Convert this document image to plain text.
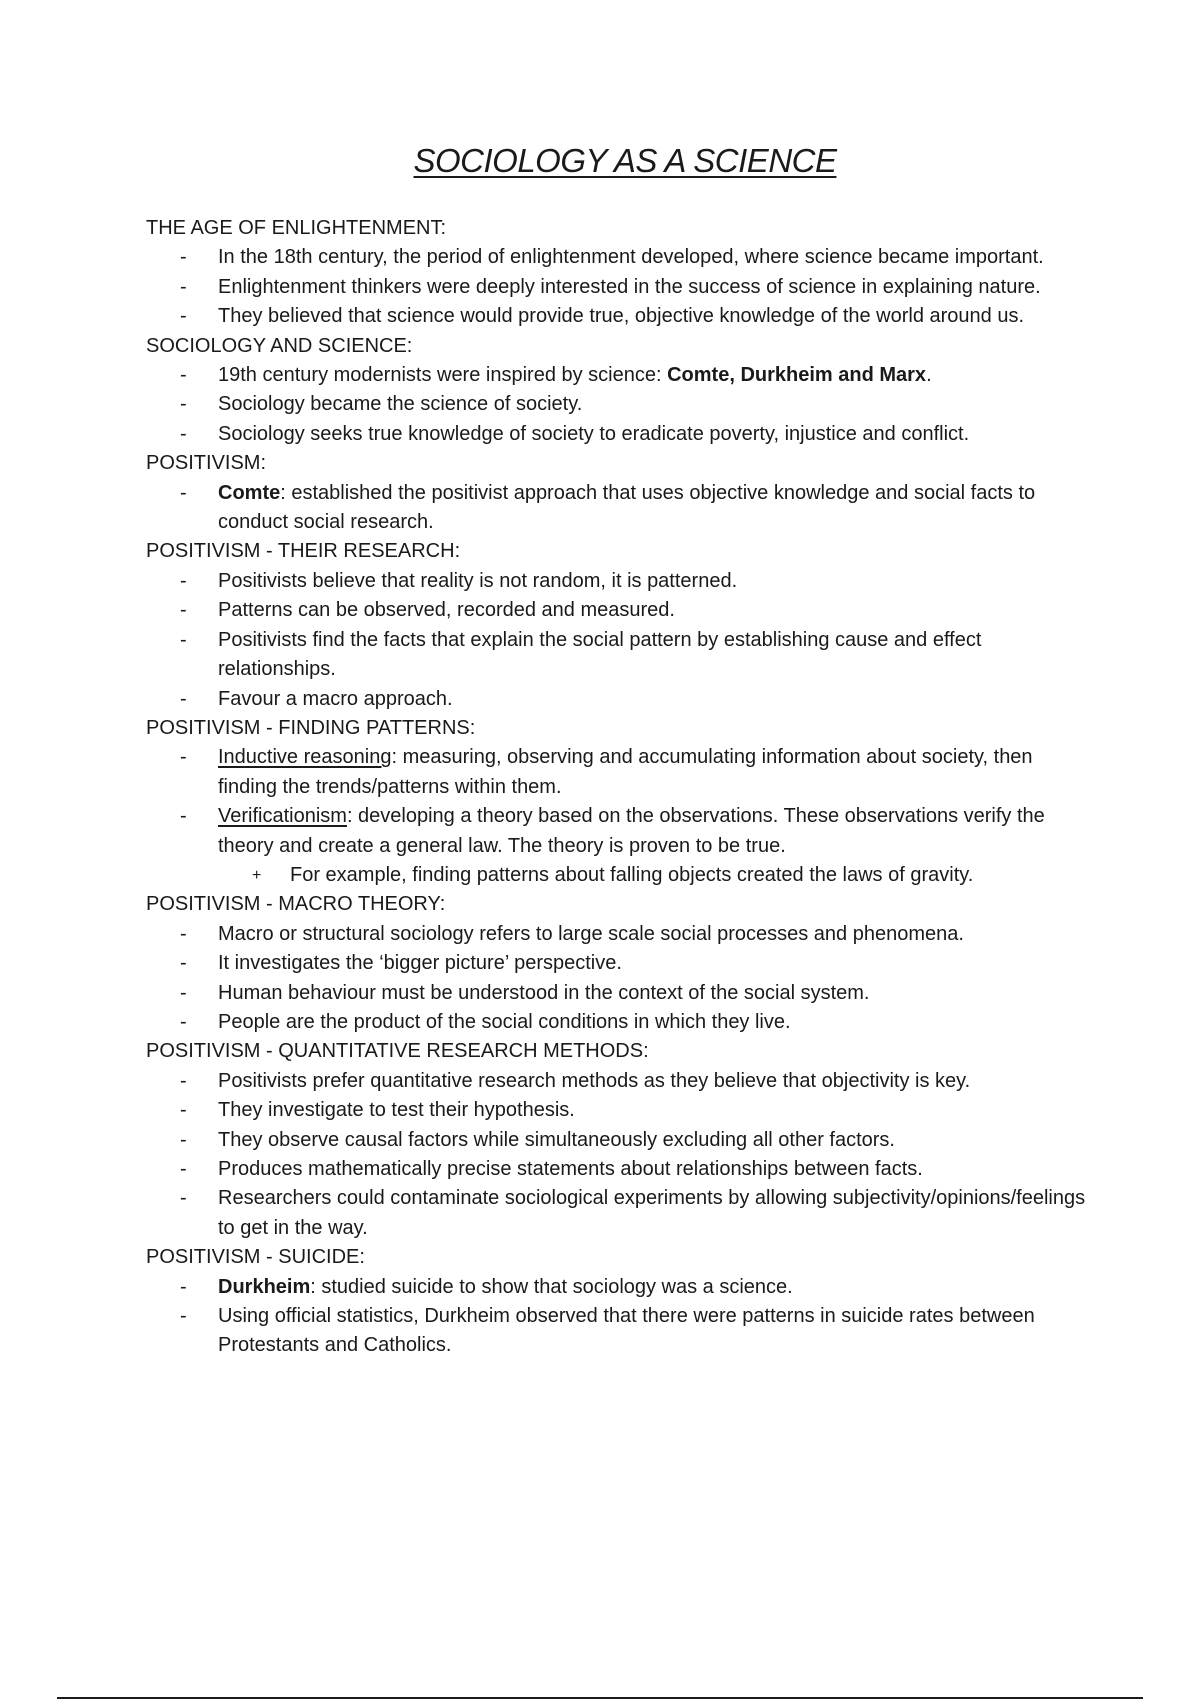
SOCIOLOGY AS A SCIENCE
THE AGE OF ENLIGHTENMENT:
- In the 18th century, the period of enlightenment developed, where science became important.
- Enlightenment thinkers were deeply interested in the success of science in explaining nature.
- They believed that science would provide true, objective knowledge of the world around us.
SOCIOLOGY AND SCIENCE:
- 19th century modernists were inspired by science: Comte, Durkheim and Marx.
- Sociology became the science of society.
- Sociology seeks true knowledge of society to eradicate poverty, injustice and conflict.
POSITIVISM:
- Comte: established the positivist approach that uses objective knowledge and social facts to conduct social research.
POSITIVISM - THEIR RESEARCH:
- Positivists believe that reality is not random, it is patterned.
- Patterns can be observed, recorded and measured.
- Positivists find the facts that explain the social pattern by establishing cause and effect relationships.
- Favour a macro approach.
POSITIVISM - FINDING PATTERNS:
- Inductive reasoning: measuring, observing and accumulating information about society, then finding the trends/patterns within them.
- Verificationism: developing a theory based on the observations. These observations verify the theory and create a general law. The theory is proven to be true.
+ For example, finding patterns about falling objects created the laws of gravity.
POSITIVISM - MACRO THEORY:
- Macro or structural sociology refers to large scale social processes and phenomena.
- It investigates the ‘bigger picture’ perspective.
- Human behaviour must be understood in the context of the social system.
- People are the product of the social conditions in which they live.
POSITIVISM - QUANTITATIVE RESEARCH METHODS:
- Positivists prefer quantitative research methods as they believe that objectivity is key.
- They investigate to test their hypothesis.
- They observe causal factors while simultaneously excluding all other factors.
- Produces mathematically precise statements about relationships between facts.
- Researchers could contaminate sociological experiments by allowing subjectivity/opinions/feelings to get in the way.
POSITIVISM - SUICIDE:
- Durkheim: studied suicide to show that sociology was a science.
- Using official statistics, Durkheim observed that there were patterns in suicide rates between Protestants and Catholics.
